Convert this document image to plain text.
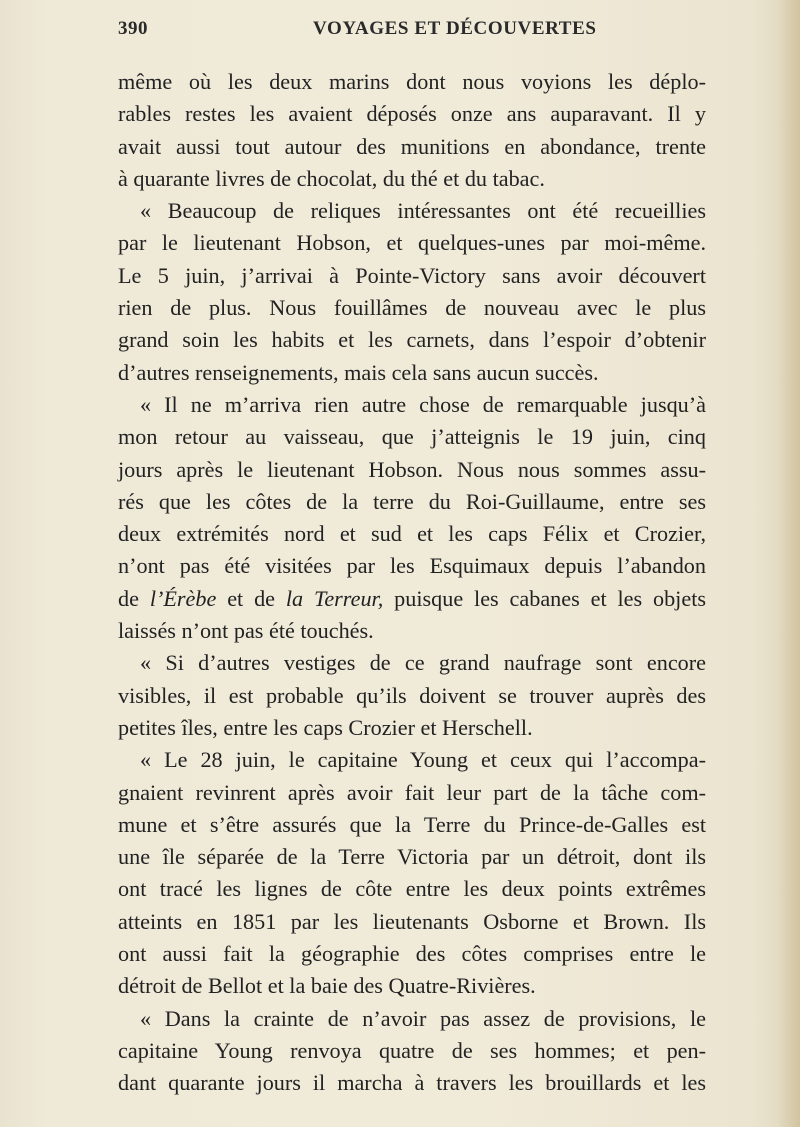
390	VOYAGES ET DÉCOUVERTES
même où les deux marins dont nous voyions les déplo-
rables restes les avaient déposés onze ans auparavant. Il y
avait aussi tout autour des munitions en abondance, trente
à quarante livres de chocolat, du thé et du tabac.
« Beaucoup de reliques intéressantes ont été recueillies
par le lieutenant Hobson, et quelques-unes par moi-même.
Le 5 juin, j’arrivai à Pointe-Victory sans avoir découvert
rien de plus. Nous fouillâmes de nouveau avec le plus
grand soin les habits et les carnets, dans l’espoir d’obtenir
d’autres renseignements, mais cela sans aucun succès.
« Il ne m’arriva rien autre chose de remarquable jusqu’à
mon retour au vaisseau, que j’atteignis le 19 juin, cinq
jours après le lieutenant Hobson. Nous nous sommes assu-
rés que les côtes de la terre du Roi-Guillaume, entre ses
deux extrémités nord et sud et les caps Félix et Crozier,
n’ont pas été visitées par les Esquimaux depuis l’abandon
de l’Érèbe et de la Terreur, puisque les cabanes et les objets
laissés n’ont pas été touchés.
« Si d’autres vestiges de ce grand naufrage sont encore
visibles, il est probable qu’ils doivent se trouver auprès des
petites îles, entre les caps Crozier et Herschell.
« Le 28 juin, le capitaine Young et ceux qui l’accompa-
gnaient revinrent après avoir fait leur part de la tâche com-
mune et s’être assurés que la Terre du Prince-de-Galles est
une île séparée de la Terre Victoria par un détroit, dont ils
ont tracé les lignes de côte entre les deux points extrêmes
atteints en 1851 par les lieutenants Osborne et Brown. Ils
ont aussi fait la géographie des côtes comprises entre le
détroit de Bellot et la baie des Quatre-Rivières.
« Dans la crainte de n’avoir pas assez de provisions, le
capitaine Young renvoya quatre de ses hommes; et pen-
dant quarante jours il marcha à travers les brouillards et les
